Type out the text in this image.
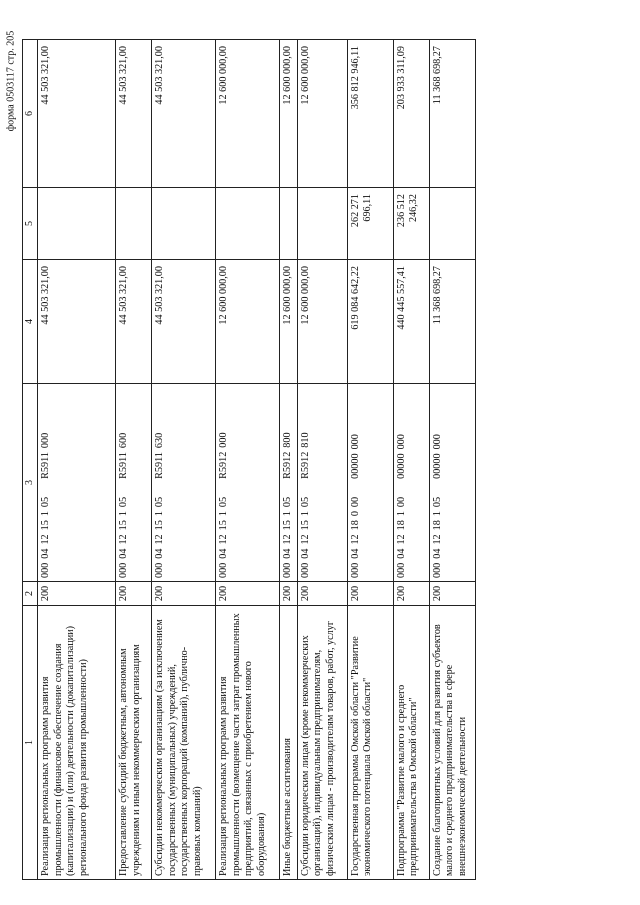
форма 0503117 стр. 205
1	2	3	4	5	6
Реализация региональных программ развития промышленности (финансовое обеспечение создания (капитализации) и (или) деятельности (докапитализации) регионального фонда развития промышленности)	200	000041215105R5911000	44 503 321,00		44 503 321,00
Предоставление субсидий бюджетным, автономным учреждениям и иным некоммерческим организациям	200	000041215105R5911600	44 503 321,00		44 503 321,00
Субсидии некоммерческим организациям (за исключением государственных (муниципальных) учреждений, государственных корпораций (компаний), публично-правовых компаний)	200	000041215105R5911630	44 503 321,00		44 503 321,00
Реализация региональных программ развития промышленности (возмещение части затрат промышленных предприятий, связанных с приобретением нового оборудования)	200	000041215105R5912000	12 600 000,00		12 600 000,00
Иные бюджетные ассигнования	200	000041215105R5912800	12 600 000,00		12 600 000,00
Субсидии юридическим лицам (кроме некоммерческих организаций), индивидуальным предпринимателям, физическим лицам - производителям товаров, работ, услуг	200	000041215105R5912810	12 600 000,00		12 600 000,00
Государственная программа Омской области "Развитие экономического потенциала Омской области"	200	00004121800000000000	619 084 642,22	262 271 696,11	356 812 946,11
Подпрограмма "Развитие малого и среднего предпринимательства в Омской области"	200	00004121810000000000	440 445 557,41	236 512 246,32	203 933 311,09
Создание благоприятных условий для развития субъектов малого и среднего предпринимательства в сфере внешнеэкономической деятельности	200	00004121810500000000	11 368 698,27		11 368 698,27
